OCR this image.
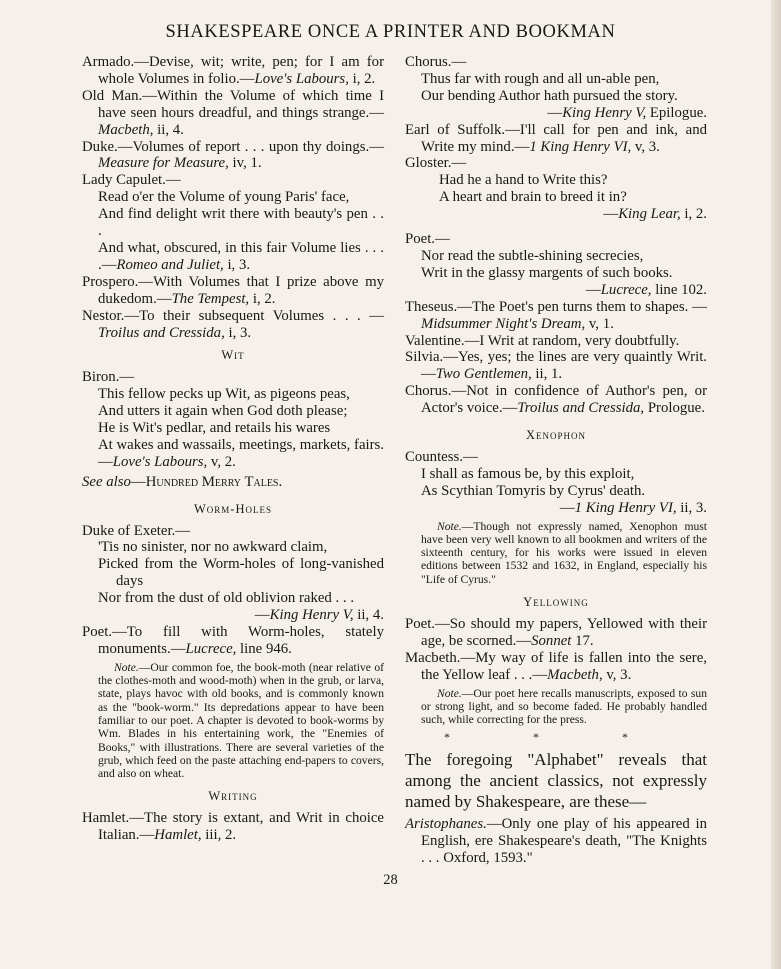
SHAKESPEARE ONCE A PRINTER AND BOOKMAN

Armado.—Devise, wit; write, pen; for I am for whole Volumes in folio.—Love's Labours, i, 2.

Old Man.—Within the Volume of which time I have seen hours dreadful, and things strange.—Macbeth, ii, 4.

Duke.—Volumes of report . . . upon thy doings.—Measure for Measure, iv, 1.

Lady Capulet.—

Read o'er the Volume of young Paris' face,

And find delight writ there with beauty's pen . . .

And what, obscured, in this fair Volume lies . . . .—Romeo and Juliet, i, 3.

Prospero.—With Volumes that I prize above my dukedom.—The Tempest, i, 2.

Nestor.—To their subsequent Volumes . . . —Troilus and Cressida, i, 3.

Wit

Biron.—

This fellow pecks up Wit, as pigeons peas,

And utters it again when God doth please;

He is Wit's pedlar, and retails his wares

At wakes and wassails, meetings, markets, fairs.—Love's Labours, v, 2.

See also—Hundred Merry Tales.

Worm-Holes

Duke of Exeter.—

'Tis no sinister, nor no awkward claim,

Picked from the Worm-holes of long-vanished days

Nor from the dust of old oblivion raked . . .

—King Henry V, ii, 4.

Poet.—To fill with Worm-holes, stately monuments.—Lucrece, line 946.

Note.—Our common foe, the book-moth (near relative of the clothes-moth and wood-moth) when in the grub, or larva, state, plays havoc with old books, and is commonly known as the "book-worm." Its depredations appear to have been familiar to our poet. A chapter is devoted to book-worms by Wm. Blades in his entertaining work, the "Enemies of Books," with illustrations. There are several varieties of the grub, which feed on the paste attaching end-papers to covers, and also on wheat.

Writing

Hamlet.—The story is extant, and Writ in choice Italian.—Hamlet, iii, 2.

Chorus.—

Thus far with rough and all un-able pen,

Our bending Author hath pursued the story.

—King Henry V, Epilogue.

Earl of Suffolk.—I'll call for pen and ink, and Write my mind.—1 King Henry VI, v, 3.

Gloster.—

Had he a hand to Write this?

A heart and brain to breed it in?

—King Lear, i, 2.

Poet.—

Nor read the subtle-shining secrecies,

Writ in the glassy margents of such books.

—Lucrece, line 102.

Theseus.—The Poet's pen turns them to shapes. —Midsummer Night's Dream, v, 1.

Valentine.—I Writ at random, very doubtfully.

Silvia.—Yes, yes; the lines are very quaintly Writ.—Two Gentlemen, ii, 1.

Chorus.—Not in confidence of Author's pen, or Actor's voice.—Troilus and Cressida, Prologue.

Xenophon

Countess.—

I shall as famous be, by this exploit,

As Scythian Tomyris by Cyrus' death.

—1 King Henry VI, ii, 3.

Note.—Though not expressly named, Xenophon must have been very well known to all bookmen and writers of the sixteenth century, for his works were issued in eleven editions between 1532 and 1632, in England, especially his "Life of Cyrus."

Yellowing

Poet.—So should my papers, Yellowed with their age, be scorned.—Sonnet 17.

Macbeth.—My way of life is fallen into the sere, the Yellow leaf . . .—Macbeth, v, 3.

Note.—Our poet here recalls manuscripts, exposed to sun or strong light, and so become faded. He probably handled such, while correcting for the press.

* * *

The foregoing "Alphabet" reveals that among the ancient classics, not expressly named by Shakespeare, are these—

Aristophanes.—Only one play of his appeared in English, ere Shakespeare's death, "The Knights . . . Oxford, 1593."

28
